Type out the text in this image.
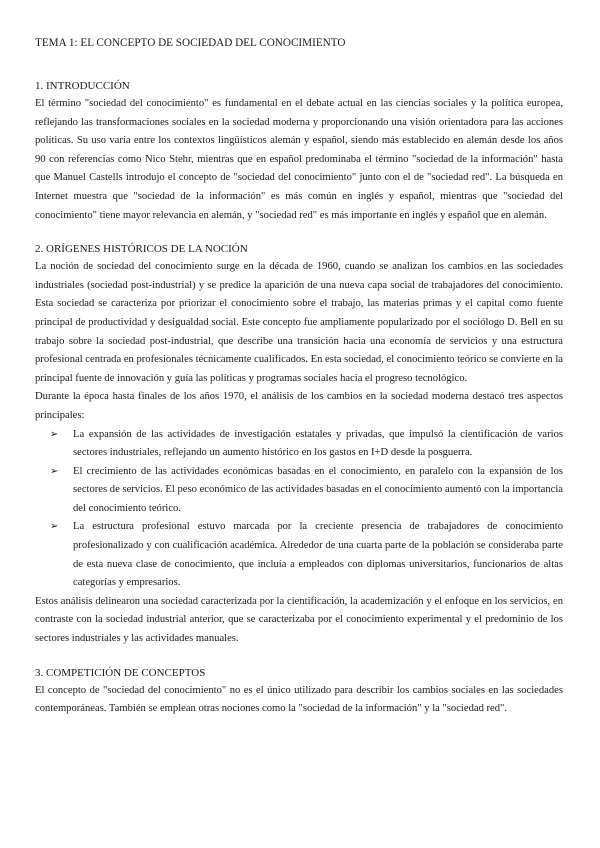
TEMA 1: EL CONCEPTO DE SOCIEDAD DEL CONOCIMIENTO
1. INTRODUCCIÓN

El término "sociedad del conocimiento" es fundamental en el debate actual en las ciencias sociales y la política europea, reflejando las transformaciones sociales en la sociedad moderna y proporcionando una visión orientadora para las acciones políticas. Su uso varía entre los contextos lingüísticos alemán y español, siendo más establecido en alemán desde los años 90 con referencias como Nico Stehr, mientras que en español predominaba el término "sociedad de la información" hasta que Manuel Castells introdujo el concepto de "sociedad del conocimiento" junto con el de "sociedad red". La búsqueda en Internet muestra que "sociedad de la información" es más común en inglés y español, mientras que "sociedad del conocimiento" tiene mayor relevancia en alemán, y "sociedad red" es más importante en inglés y español que en alemán.

2. ORÍGENES HISTÓRICOS DE LA NOCIÓN

La noción de sociedad del conocimiento surge en la década de 1960, cuando se analizan los cambios en las sociedades industriales (sociedad post-industrial) y se predice la aparición de una nueva capa social de trabajadores del conocimiento. Esta sociedad se caracteriza por priorizar el conocimiento sobre el trabajo, las materias primas y el capital como fuente principal de productividad y desigualdad social. Este concepto fue ampliamente popularizado por el sociólogo D. Bell en su trabajo sobre la sociedad post-industrial, que describe una transición hacia una economía de servicios y una estructura profesional centrada en profesionales técnicamente cualificados. En esta sociedad, el conocimiento teórico se convierte en la principal fuente de innovación y guía las políticas y programas sociales hacia el progreso tecnológico.

Durante la época hasta finales de los años 1970, el análisis de los cambios en la sociedad moderna destacó tres aspectos principales:

➢ La expansión de las actividades de investigación estatales y privadas, que impulsó la cientificación de varios sectores industriales, reflejando un aumento histórico en los gastos en I+D desde la posguerra.
➢ El crecimiento de las actividades económicas basadas en el conocimiento, en paralelo con la expansión de los sectores de servicios. El peso económico de las actividades basadas en el conocimiento aumentó con la importancia del conocimiento teórico.
➢ La estructura profesional estuvo marcada por la creciente presencia de trabajadores de conocimiento profesionalizado y con cualificación académica. Alrededor de una cuarta parte de la población se consideraba parte de esta nueva clase de conocimiento, que incluía a empleados con diplomas universitarios, funcionarios de altas categorías y empresarios.

Estos análisis delinearon una sociedad caracterizada por la cientificación, la academización y el enfoque en los servicios, en contraste con la sociedad industrial anterior, que se caracterizaba por el conocimiento experimental y el predominio de los sectores industriales y las actividades manuales.

3. COMPETICIÓN DE CONCEPTOS

El concepto de "sociedad del conocimiento" no es el único utilizado para describir los cambios sociales en las sociedades contemporáneas. También se emplean otras nociones como la "sociedad de la información" y la "sociedad red".
